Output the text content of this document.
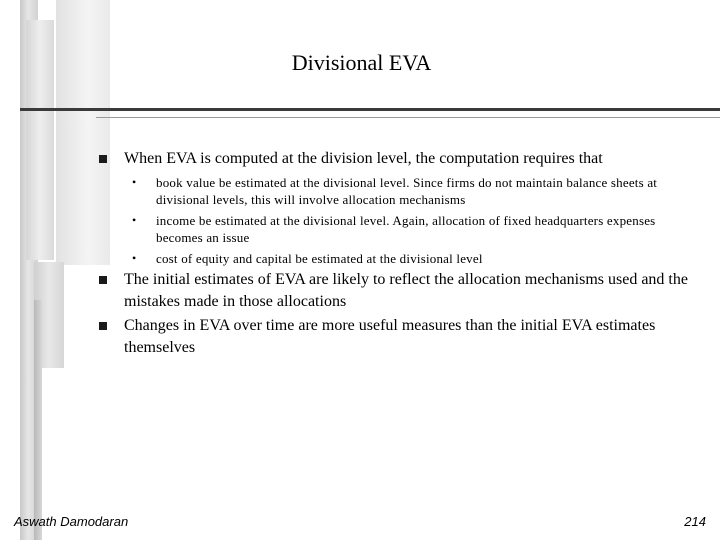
Divisional EVA
When EVA is computed at the division level, the computation requires that
• book value be estimated at the divisional level. Since firms do not maintain balance sheets at divisional levels, this will involve allocation mechanisms
• income be estimated at the divisional level. Again, allocation of fixed headquarters expenses becomes an issue
• cost of equity and capital be estimated at the divisional level
The initial estimates of EVA are likely to reflect the allocation mechanisms used and the mistakes made in those allocations
Changes in EVA over time are more useful measures than the initial EVA estimates themselves
Aswath Damodaran	214
